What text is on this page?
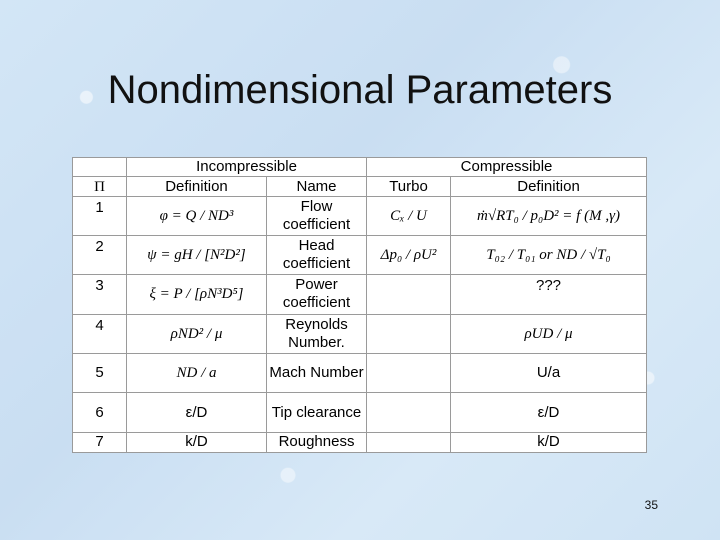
Nondimensional Parameters
	Incompressible		Compressible	
Π	Definition	Name	Turbo	Definition
1	φ = Q / ND³	Flow coefficient	Cₓ / U	ṁ√RT₀ / p₀D² = f (M ,γ)
2	ψ = gH / [N²D²]	Head coefficient	Δp₀ / ρU²	T₀₂ / T₀₁ or ND / √T₀
3	ξ = P / [ρN³D⁵]	Power coefficient		???
4	ρND² / μ	Reynolds Number.		ρUD / μ
5	ND / a	Mach Number		U/a
6	ε/D	Tip clearance		ε/D
7	k/D	Roughness		k/D
35
